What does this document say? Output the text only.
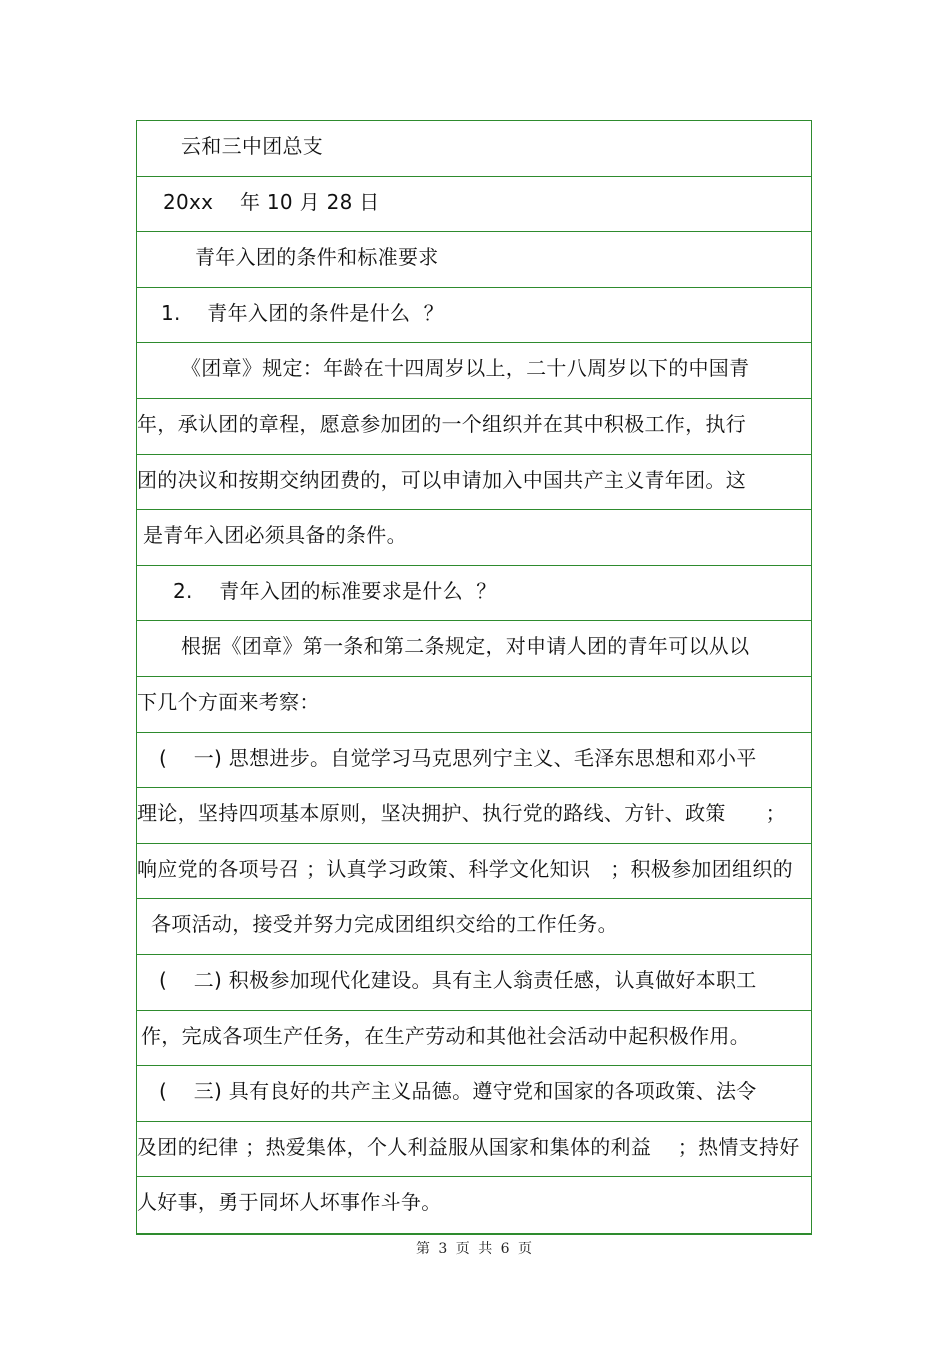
云和三中团总支
20xx    年 10 月 28 日
青年入团的条件和标准要求
1.    青年入团的条件是什么  ？
《团章》规定：年龄在十四周岁以上，二十八周岁以下的中国青
年，承认团的章程，愿意参加团的一个组织并在其中积极工作，执行
团的决议和按期交纳团费的，可以申请加入中国共产主义青年团。这
是青年入团必须具备的条件。
2.    青年入团的标准要求是什么  ？
根据《团章》第一条和第二条规定，对申请人团的青年可以从以
下几个方面来考察：
(    一) 思想进步。自觉学习马克思列宁主义、毛泽东思想和邓小平
理论，坚持四项基本原则，坚决拥护、执行党的路线、方针、政策      ；
响应党的各项号召 ；认真学习政策、科学文化知识   ；积极参加团组织的
各项活动，接受并努力完成团组织交给的工作任务。
(    二) 积极参加现代化建设。具有主人翁责任感，认真做好本职工
作，完成各项生产任务，在生产劳动和其他社会活动中起积极作用。
(    三) 具有良好的共产主义品德。遵守党和国家的各项政策、法令
及团的纪律 ；热爱集体，个人利益服从国家和集体的利益    ；热情支持好
人好事，勇于同坏人坏事作斗争。
第 3 页 共 6 页
